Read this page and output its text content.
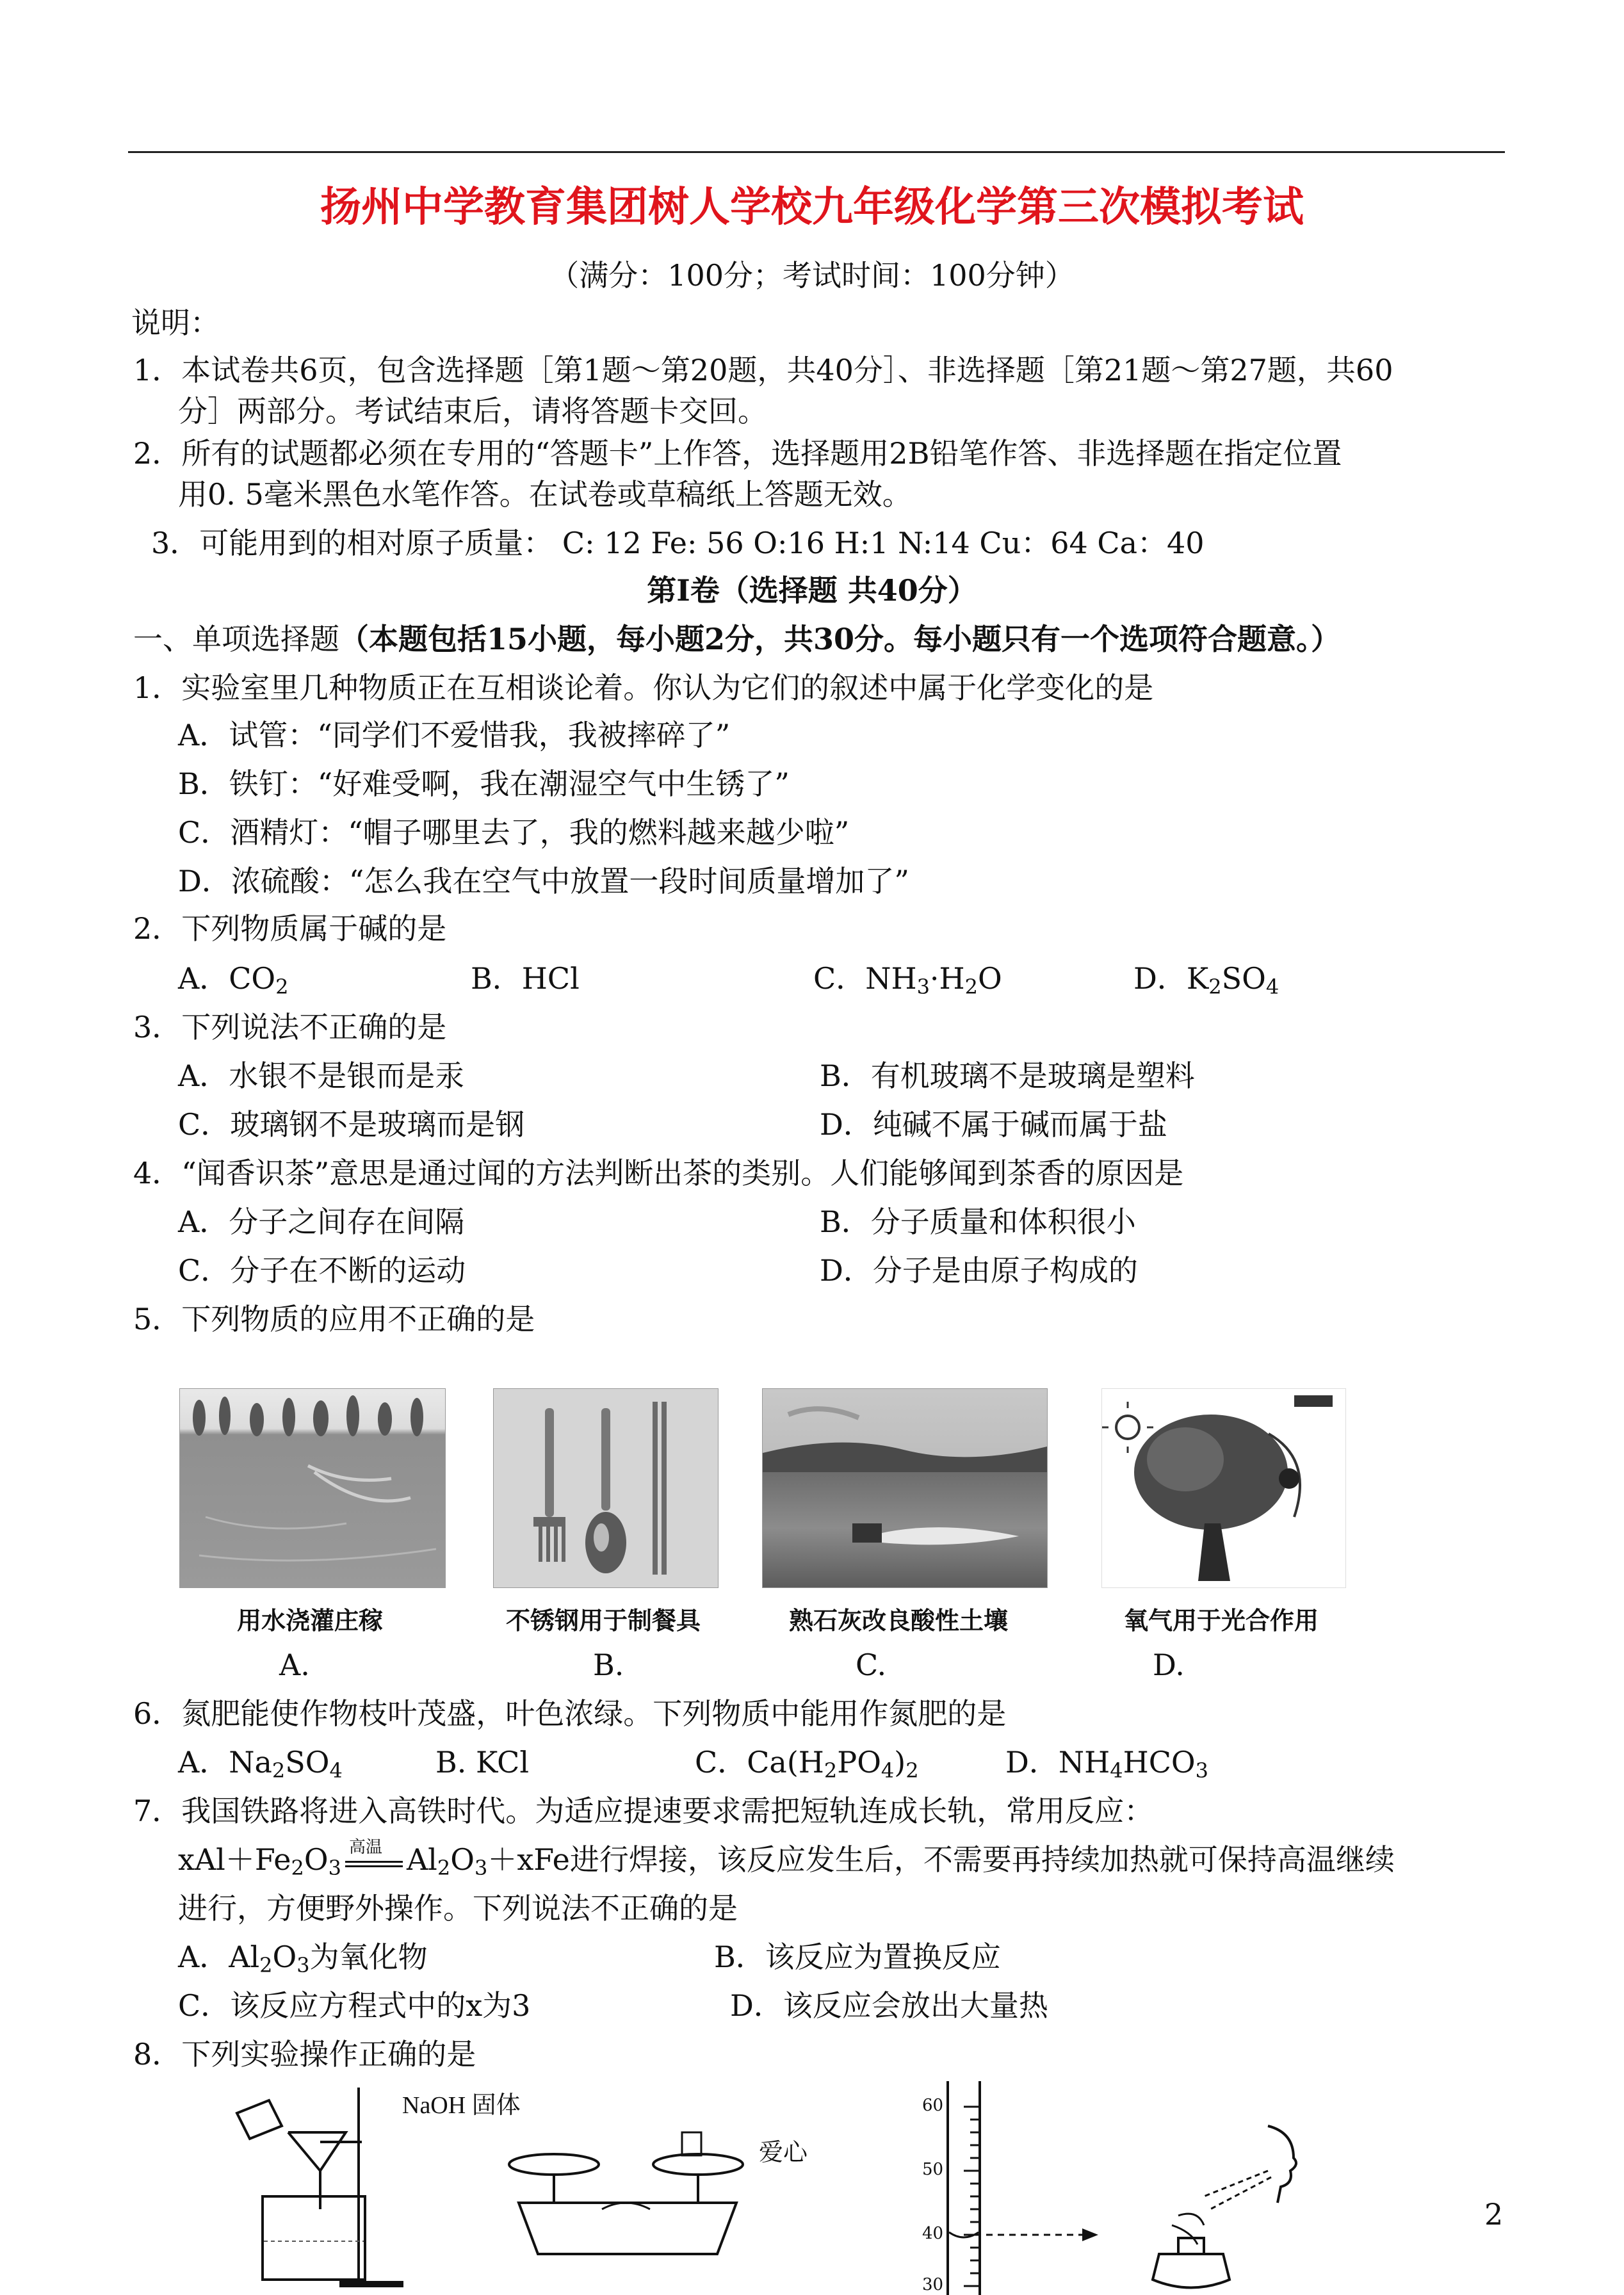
扬州中学教育集团树人学校九年级化学第三次模拟考试
（满分：100分；考试时间：100分钟）
说明：
1．本试卷共6页，包含选择题［第1题～第20题，共40分］、非选择题［第21题～第27题，共60
分］两部分。考试结束后，请将答题卡交回。
2．所有的试题都必须在专用的“答题卡”上作答，选择题用2B铅笔作答、非选择题在指定位置
用0. 5毫米黑色水笔作答。在试卷或草稿纸上答题无效。
3．可能用到的相对原子质量： C: 12 Fe: 56 O:16 H:1 N:14 Cu：64 Ca：40
第Ⅰ卷（选择题 共40分）
一、单项选择题（本题包括15小题，每小题2分，共30分。每小题只有一个选项符合题意。）
1．实验室里几种物质正在互相谈论着。你认为它们的叙述中属于化学变化的是
A．试管：“同学们不爱惜我，我被摔碎了”
B．铁钉：“好难受啊，我在潮湿空气中生锈了”
C．酒精灯：“帽子哪里去了，我的燃料越来越少啦”
D．浓硫酸：“怎么我在空气中放置一段时间质量增加了”
2．下列物质属于碱的是
A．$CO_2$	B．HCl	C．$NH_3\cdot H_2O$	D．$K_2SO_4$
3．下列说法不正确的是
A．水银不是银而是汞	B．有机玻璃不是玻璃是塑料
C．玻璃钢不是玻璃而是钢	D．纯碱不属于碱而属于盐
4．“闻香识茶”意思是通过闻的方法判断出茶的类别。人们能够闻到茶香的原因是
A．分子之间存在间隔	B．分子质量和体积很小
C．分子在不断的运动	D．分子是由原子构成的
5．下列物质的应用不正确的是
用水浇灌庄稼	不锈钢用于制餐具	熟石灰改良酸性土壤	氧气用于光合作用
A.	B.	C.	D.
6．氮肥能使作物枝叶茂盛，叶色浓绿。下列物质中能用作氮肥的是
A．$Na_2SO_4$	B. KCl	C．$Ca(H_2PO_4)_2$	D．$NH_4HCO_3$
7．我国铁路将进入高铁时代。为适应提速要求需把短轨连成长轨，常用反应：
$xAl+Fe_2O_3$
高温 $Al_2O_3+xFe$进行焊接，该反应发生后，不需要再持续加热就可保持高温继续
进行，方便野外操作。下列说法不正确的是
A．$Al_2O_3$为氧化物	B．该反应为置换反应
C．该反应方程式中的x为3	D．该反应会放出大量热
8．下列实验操作正确的是
NaOH 固体
爱心
60
50
40
30
2
